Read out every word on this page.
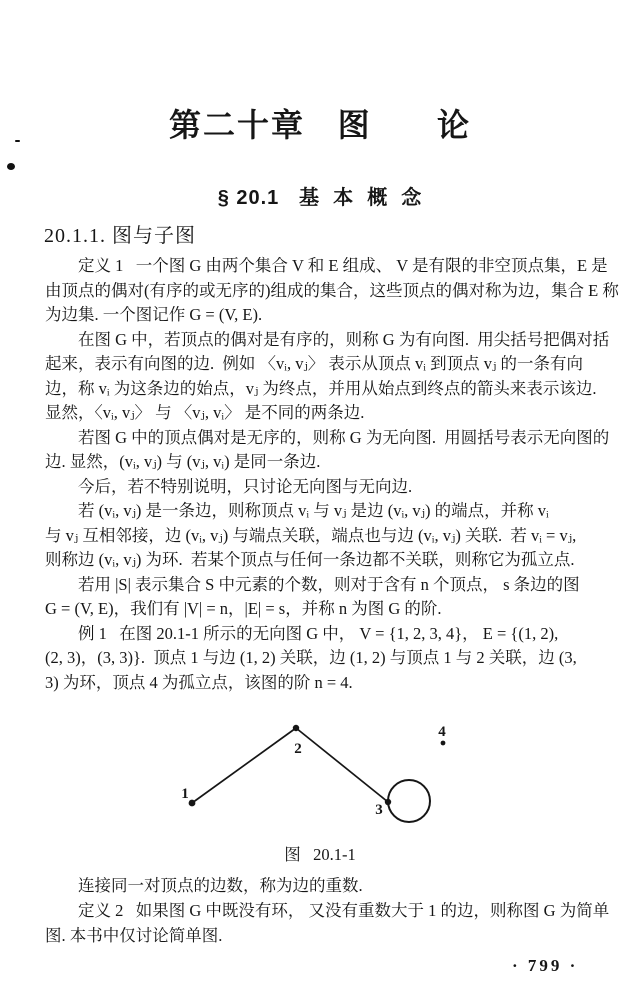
第二十章   图      论
§ 20.1   基  本  概  念
20.1.1. 图与子图
定义 1   一个图 G 由两个集合 V 和 E 组成、 V 是有限的非空顶点集，E 是
由顶点的偶对(有序的或无序的)组成的集合，这些顶点的偶对称为边，集合 E 称
为边集. 一个图记作 G = (V, E).
在图 G 中，若顶点的偶对是有序的，则称 G 为有向图.  用尖括号把偶对括
起来，表示有向图的边.  例如 〈vᵢ, vⱼ〉 表示从顶点 vᵢ 到顶点 vⱼ 的一条有向
边，称 vᵢ 为这条边的始点，vⱼ 为终点，并用从始点到终点的箭头来表示该边.
显然，〈vᵢ, vⱼ〉 与 〈vⱼ, vᵢ〉 是不同的两条边.
若图 G 中的顶点偶对是无序的，则称 G 为无向图.  用圆括号表示无向图的
边. 显然，(vᵢ, vⱼ) 与 (vⱼ, vᵢ) 是同一条边.
今后，若不特别说明，只讨论无向图与无向边.
若 (vᵢ, vⱼ) 是一条边，则称顶点 vᵢ 与 vⱼ 是边 (vᵢ, vⱼ) 的端点，并称 vᵢ
与 vⱼ 互相邻接，边 (vᵢ, vⱼ) 与端点关联，端点也与边 (vᵢ, vⱼ) 关联.  若 vᵢ = vⱼ,
则称边 (vᵢ, vⱼ) 为环.  若某个顶点与任何一条边都不关联，则称它为孤立点.
若用 |S| 表示集合 S 中元素的个数，则对于含有 n 个顶点， s 条边的图
G = (V, E)，我们有 |V| = n，|E| = s，并称 n 为图 G 的阶.
例 1   在图 20.1-1 所示的无向图 G 中， V = {1, 2, 3, 4}， E = {(1, 2),
(2, 3)，(3, 3)}.  顶点 1 与边 (1, 2) 关联，边 (1, 2) 与顶点 1 与 2 关联，边 (3,
3) 为环，顶点 4 为孤立点，该图的阶 n = 4.
1
2
3
4
图   20.1-1
连接同一对顶点的边数，称为边的重数.
定义 2   如果图 G 中既没有环， 又没有重数大于 1 的边，则称图 G 为简单
图. 本书中仅讨论简单图.
· 799 ·
